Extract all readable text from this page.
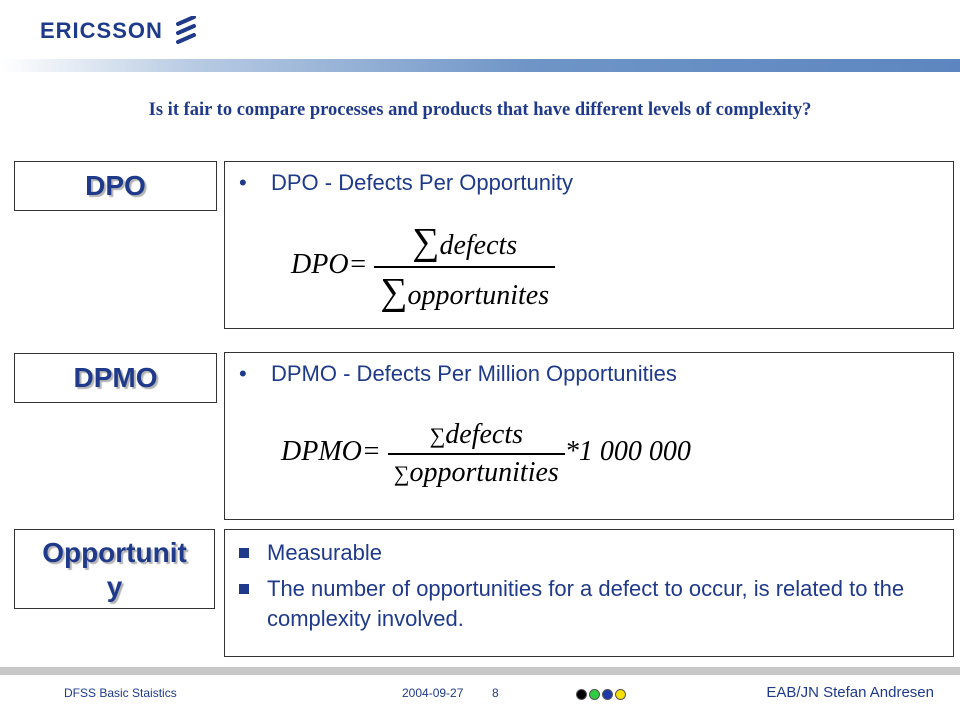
ERICSSON
Is it fair to compare processes and products that have different levels of complexity?
DPO	• DPO - Defects Per Opportunity
$DPO= \frac{\text{∑defects}}{\text{∑opportunites}}$
DPMO	• DPMO - Defects Per Million Opportunities
DPMO= $\frac{\text{∑defects}}{\text{∑opportunities}} *1$ 000 000
Opportunit
y
Measurable
The number of opportunities for a defect to occur, is related to the complexity involved.
DFSS Basic Staistics	2004-09-27 8	EAB/JN Stefan Andresen
